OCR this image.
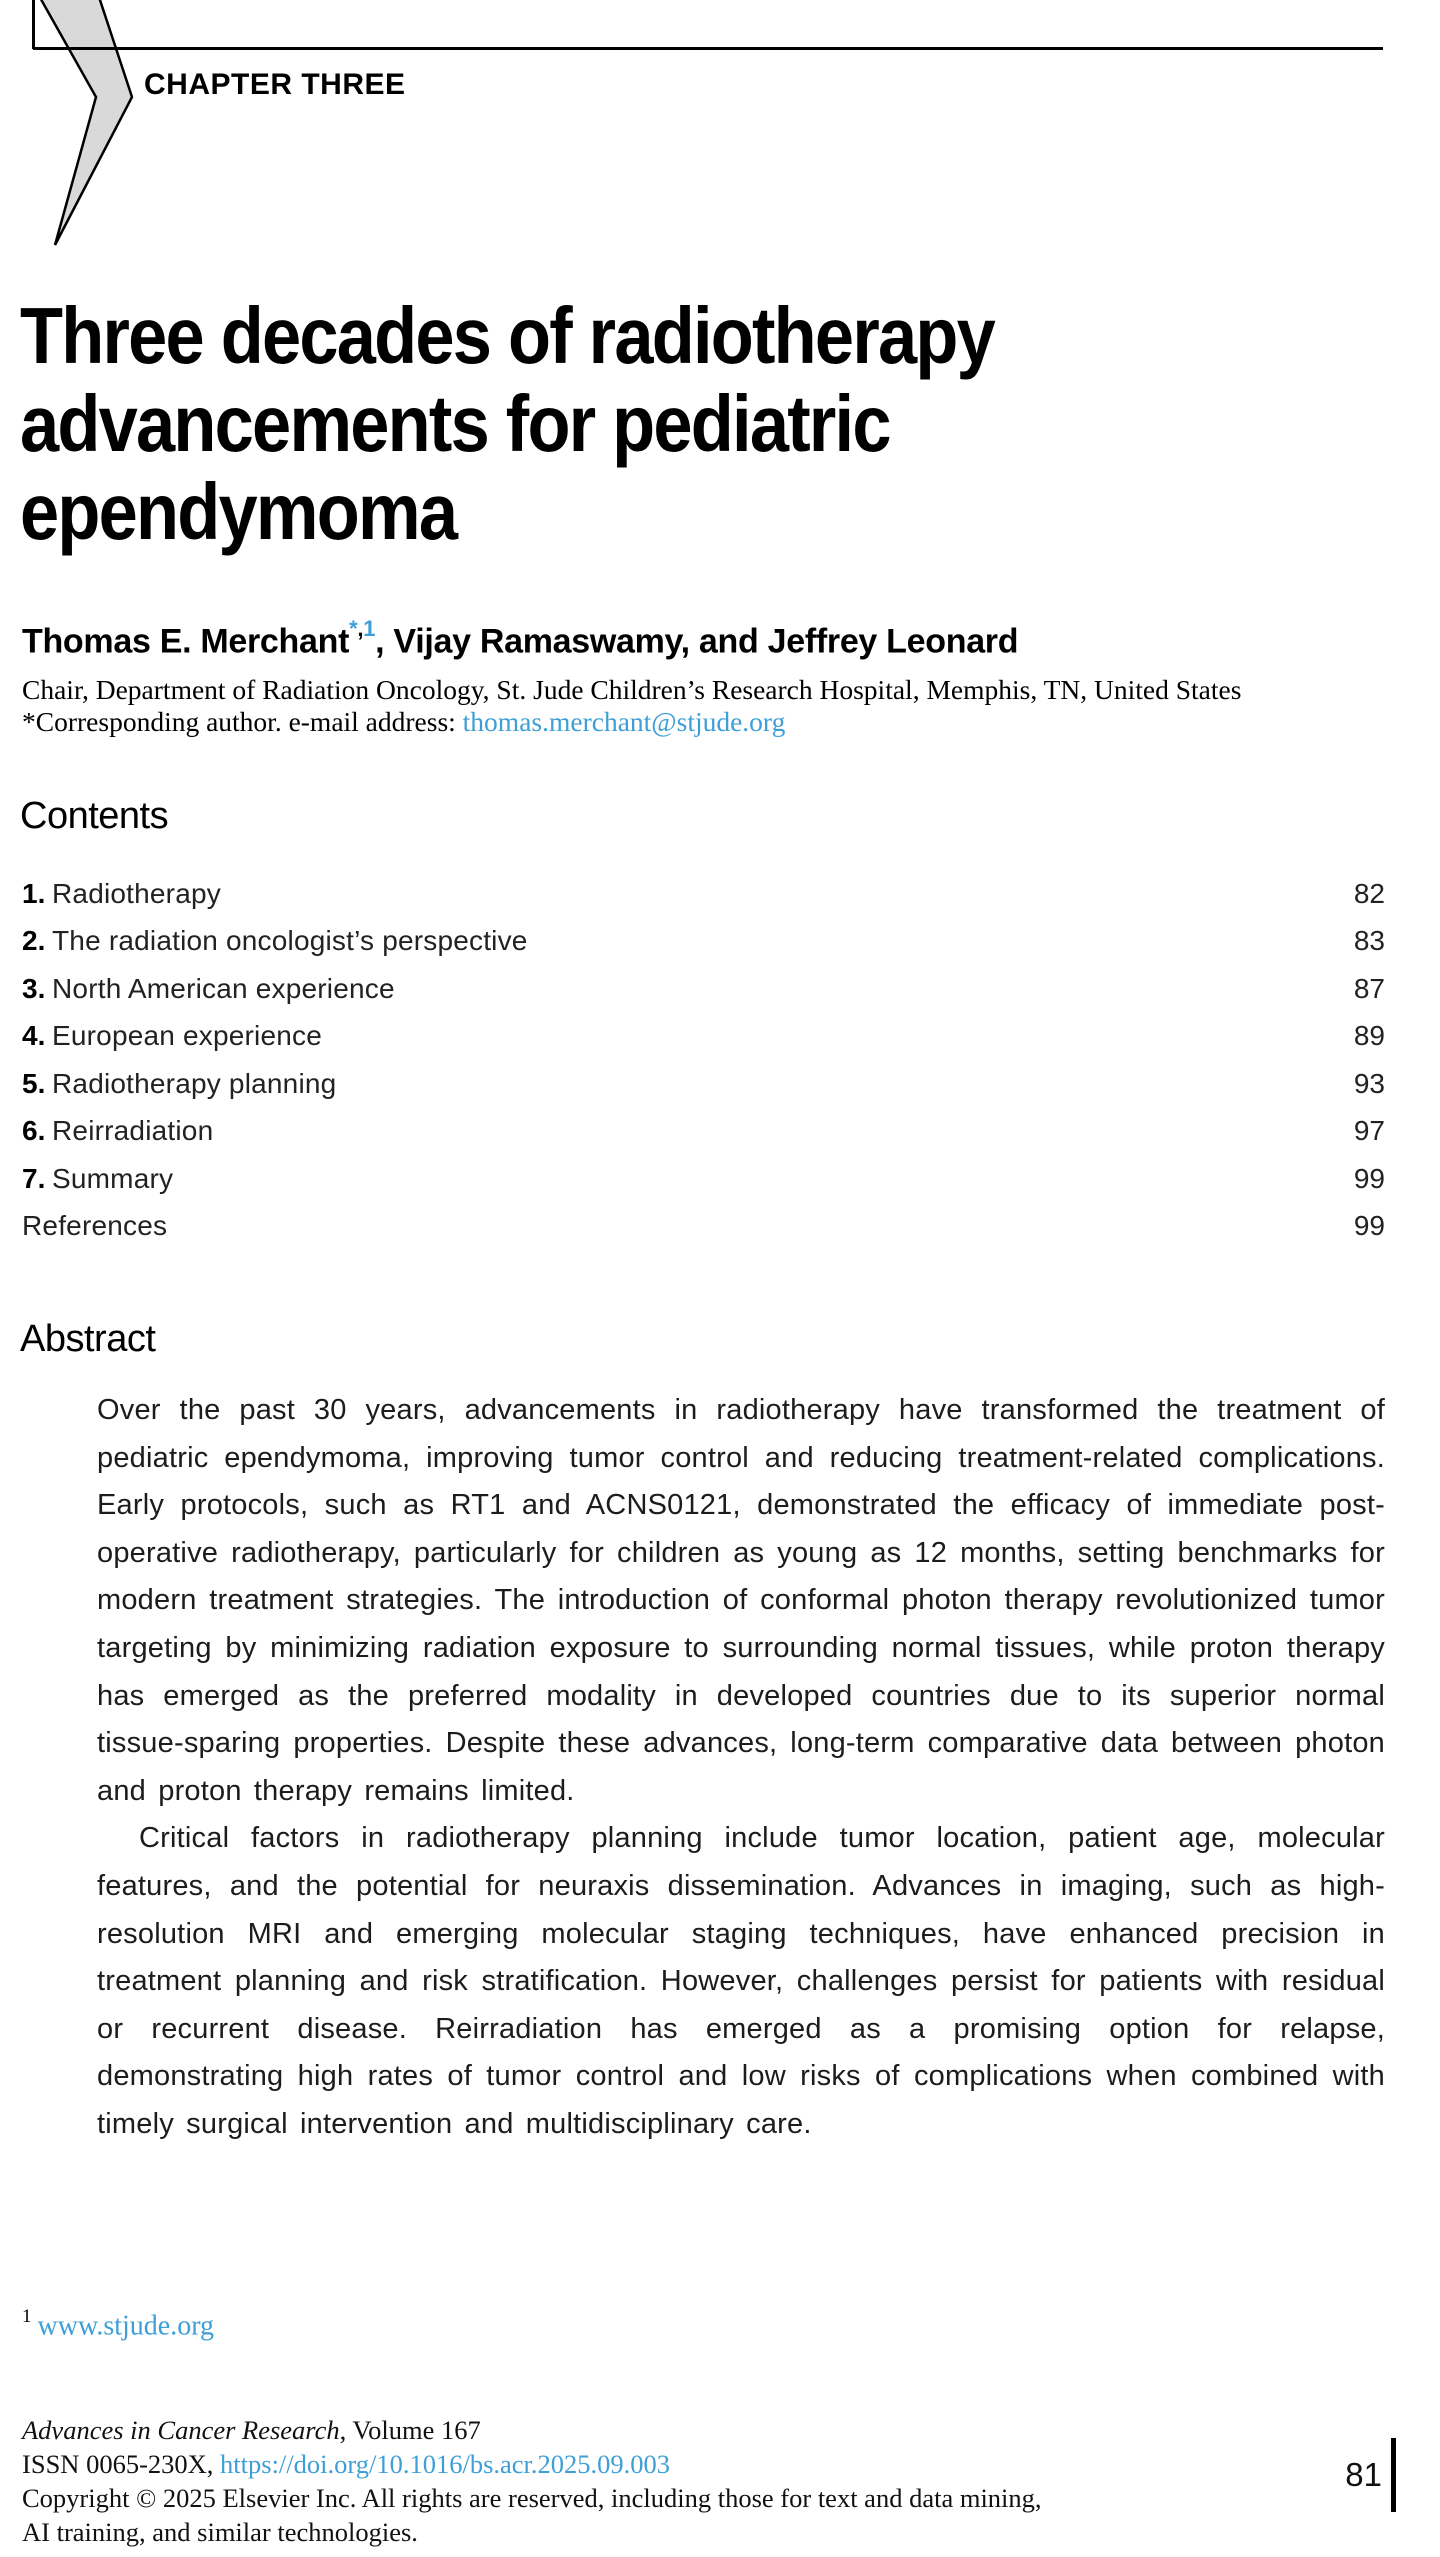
CHAPTER THREE
Three decades of radiotherapy
advancements for pediatric
ependymoma
Thomas E. Merchant$^{*,1}$, Vijay Ramaswamy, and Jeffrey Leonard
Chair, Department of Radiation Oncology, St. Jude Children’s Research Hospital, Memphis, TN, United States
*Corresponding author. e-mail address: thomas.merchant@stjude.org
Contents
1. Radiotherapy	82
2. The radiation oncologist’s perspective	83
3. North American experience	87
4. European experience	89
5. Radiotherapy planning	93
6. Reirradiation	97
7. Summary	99
References	99
Abstract

Over the past 30 years, advancements in radiotherapy have transformed the treatment of pediatric ependymoma, improving tumor control and reducing treatment-related complications. Early protocols, such as RT1 and ACNS0121, demonstrated the efficacy of immediate post-operative radiotherapy, particularly for children as young as 12 months, setting benchmarks for modern treatment strategies. The introduction of conformal photon therapy revolutionized tumor targeting by minimizing radiation exposure to surrounding normal tissues, while proton therapy has emerged as the preferred modality in developed countries due to its superior normal tissue-sparing properties. Despite these advances, long-term comparative data between photon and proton therapy remains limited.

Critical factors in radiotherapy planning include tumor location, patient age, molecular features, and the potential for neuraxis dissemination. Advances in imaging, such as high-resolution MRI and emerging molecular staging techniques, have enhanced precision in treatment planning and risk stratification. However, challenges persist for patients with residual or recurrent disease. Reirradiation has emerged as a promising option for relapse, demonstrating high rates of tumor control and low risks of complications when combined with timely surgical intervention and multidisciplinary care.

$^1$ www.stjude.org
Advances in Cancer Research, Volume 167
ISSN 0065-230X, https://doi.org/10.1016/bs.acr.2025.09.003
Copyright © 2025 Elsevier Inc. All rights are reserved, including those for text and data mining,
AI training, and similar technologies.
81
